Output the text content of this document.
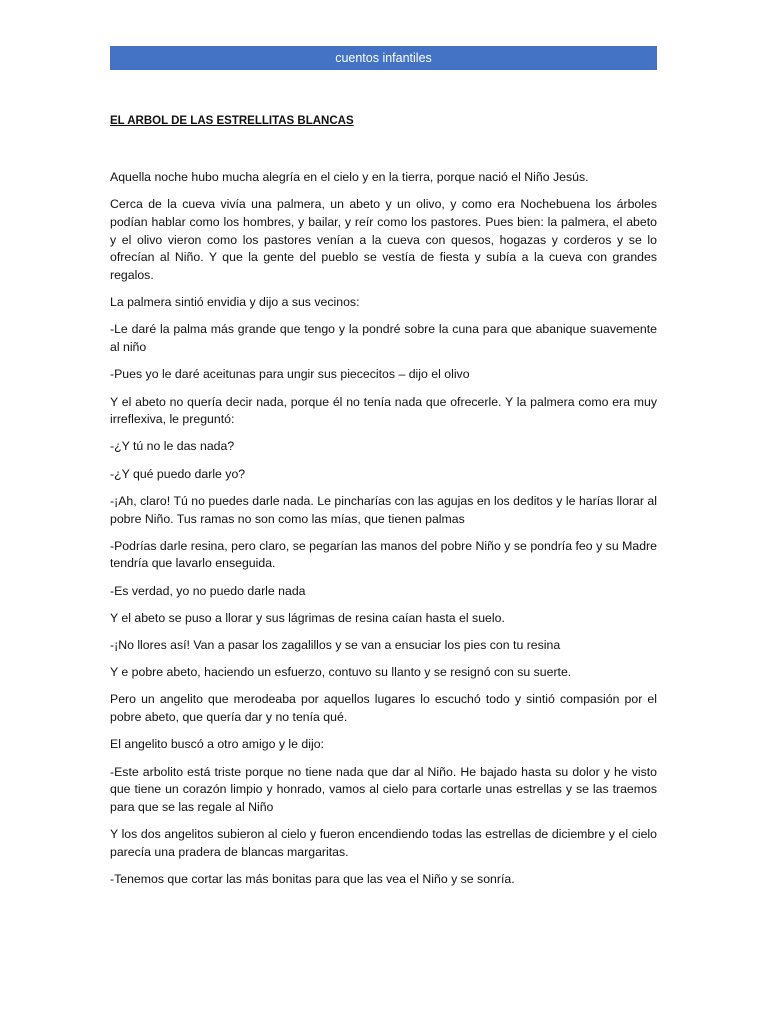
cuentos infantiles
EL ARBOL DE LAS ESTRELLITAS BLANCAS

Aquella noche hubo mucha alegría en el cielo y en la tierra, porque nació el Niño Jesús.

Cerca de la cueva vivía una palmera, un abeto y un olivo, y como era Nochebuena los árboles podían hablar como los hombres, y bailar, y reír como los pastores. Pues bien: la palmera, el abeto y el olivo vieron como los pastores venían a la cueva con quesos, hogazas y corderos y se lo ofrecían al Niño. Y que la gente del pueblo se vestía de fiesta y subía a la cueva con grandes regalos.

La palmera sintió envidia y dijo a sus vecinos:

-Le daré la palma más grande que tengo y la pondré sobre la cuna para que abanique suavemente al niño

-Pues yo le daré aceitunas para ungir sus piececitos – dijo el olivo

Y el abeto no quería decir nada, porque él no tenía nada que ofrecerle. Y la palmera como era muy irreflexiva, le preguntó:

-¿Y tú no le das nada?

-¿Y qué puedo darle yo?

-¡Ah, claro! Tú no puedes darle nada. Le pincharías con las agujas en los deditos y le harías llorar al pobre Niño. Tus ramas no son como las mías, que tienen palmas

-Podrías darle resina, pero claro, se pegarían las manos del pobre Niño y se pondría feo y su Madre tendría que lavarlo enseguida.

-Es verdad, yo no puedo darle nada

Y el abeto se puso a llorar y sus lágrimas de resina caían hasta el suelo.

-¡No llores así! Van a pasar los zagalillos y se van a ensuciar los pies con tu resina

Y e pobre abeto, haciendo un esfuerzo, contuvo su llanto y se resignó con su suerte.

Pero un angelito que merodeaba por aquellos lugares lo escuchó todo y sintió compasión por el pobre abeto, que quería dar y no tenía qué.

El angelito buscó a otro amigo y le dijo:

-Este arbolito está triste porque no tiene nada que dar al Niño. He bajado hasta su dolor y he visto que tiene un corazón limpio y honrado, vamos al cielo para cortarle unas estrellas y se las traemos para que se las regale al Niño

Y los dos angelitos subieron al cielo y fueron encendiendo todas las estrellas de diciembre y el cielo parecía una pradera de blancas margaritas.

-Tenemos que cortar las más bonitas para que las vea el Niño y se sonría.
